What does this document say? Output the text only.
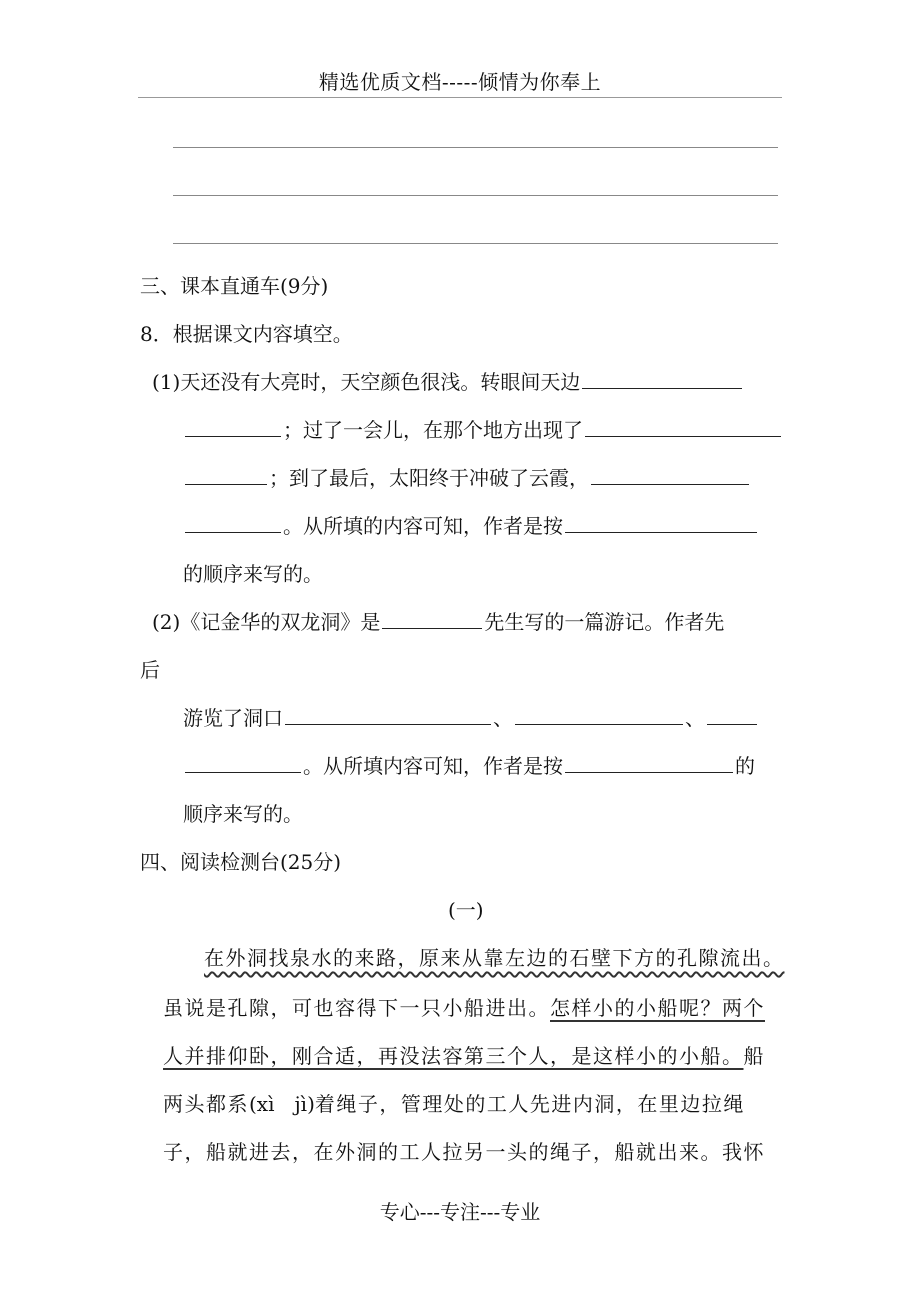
精选优质文档-----倾情为你奉上
三、课本直通车(9分)
8．根据课文内容填空。
(1)天还没有大亮时，天空颜色很浅。转眼间天边
；过了一会儿，在那个地方出现了
；到了最后，太阳终于冲破了云霞，
。从所填的内容可知，作者是按
的顺序来写的。
(2)《记金华的双龙洞》是	先生写的一篇游记。作者先
后
游览了洞口	、	、
。从所填内容可知，作者是按	的
顺序来写的。
四、阅读检测台(25分)
(一)
在外洞找泉水的来路，原来从靠左边的石壁下方的孔隙流出。
虽说是孔隙，可也容得下一只小船进出。怎样小的小船呢？两个
人并排仰卧，刚合适，再没法容第三个人，是这样小的小船。船
两头都系(xì　jì)着绳子，管理处的工人先进内洞，在里边拉绳
子，船就进去，在外洞的工人拉另一头的绳子，船就出来。我怀
专心---专注---专业
